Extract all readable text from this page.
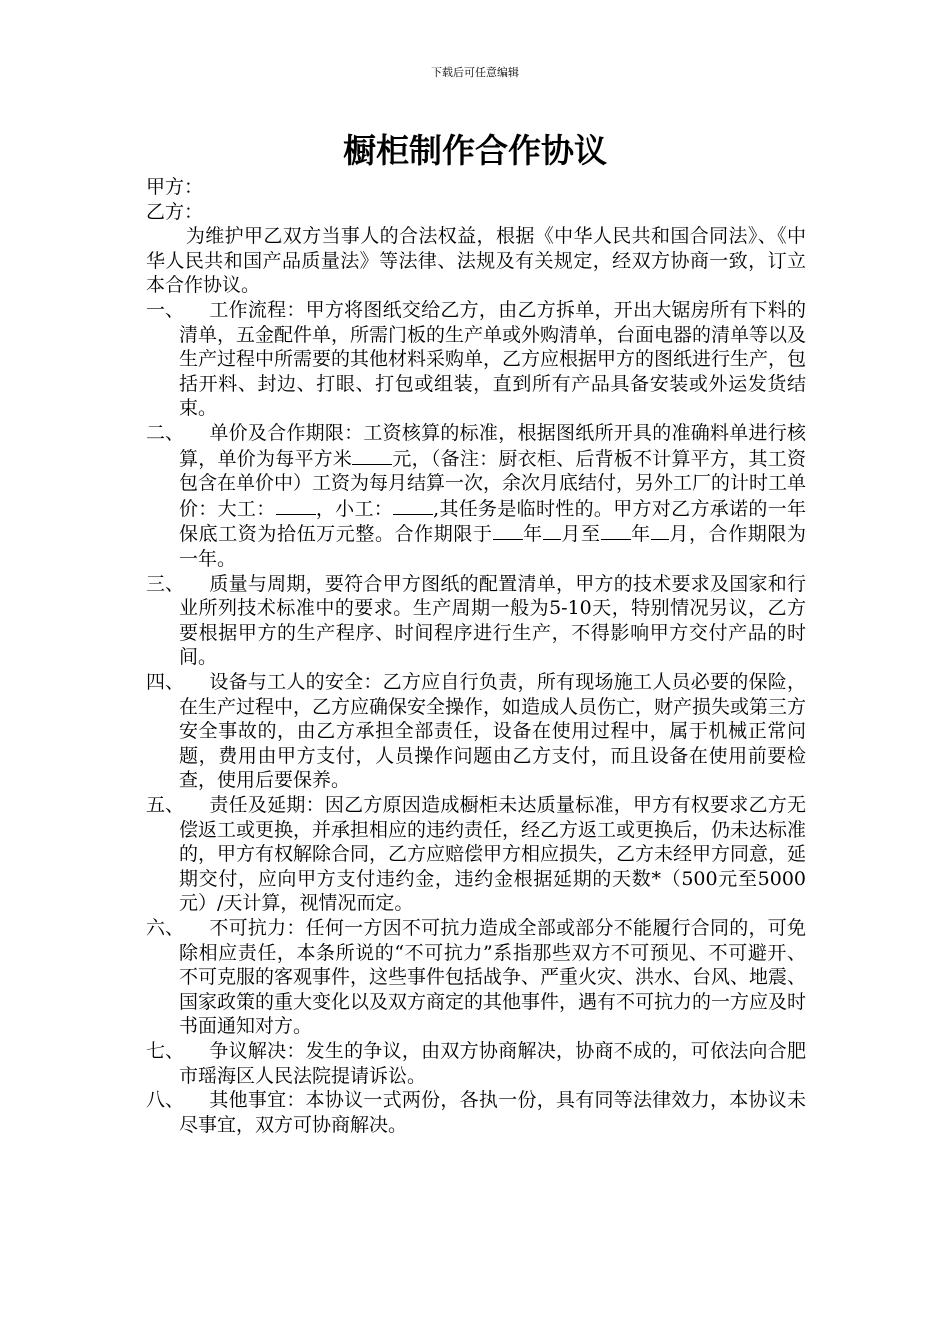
下载后可任意编辑
橱柜制作合作协议

甲方：

乙方：

为维护甲乙双方当事人的合法权益，根据《中华人民共和国合同法》、《中华人民共和国产品质量法》等法律、法规及有关规定，经双方协商一致，订立本合作协议。

一、	工作流程：甲方将图纸交给乙方，由乙方拆单，开出大锯房所有下料的清单，五金配件单，所需门板的生产单或外购清单，台面电器的清单等以及生产过程中所需要的其他材料采购单，乙方应根据甲方的图纸进行生产，包括开料、封边、打眼、打包或组装，直到所有产品具备安装或外运发货结束。
二、	单价及合作期限：工资核算的标准，根据图纸所开具的准确料单进行核算，单价为每平方米 元，（备注：厨衣柜、后背板不计算平方，其工资包含在单价中）工资为每月结算一次，余次月底结付，另外工厂的计时工单价：大工： ，小工： ,其任务是临时性的。甲方对乙方承诺的一年保底工资为拾伍万元整。合作期限于 年 月至 年 月，合作期限为一年。
三、	质量与周期，要符合甲方图纸的配置清单，甲方的技术要求及国家和行业所列技术标准中的要求。生产周期一般为5-10天，特别情况另议，乙方要根据甲方的生产程序、时间程序进行生产，不得影响甲方交付产品的时间。
四、	设备与工人的安全：乙方应自行负责，所有现场施工人员必要的保险，在生产过程中，乙方应确保安全操作，如造成人员伤亡，财产损失或第三方安全事故的，由乙方承担全部责任，设备在使用过程中，属于机械正常问题，费用由甲方支付，人员操作问题由乙方支付，而且设备在使用前要检查，使用后要保养。
五、	责任及延期：因乙方原因造成橱柜未达质量标准，甲方有权要求乙方无偿返工或更换，并承担相应的违约责任，经乙方返工或更换后，仍未达标准的，甲方有权解除合同，乙方应赔偿甲方相应损失，乙方未经甲方同意，延期交付，应向甲方支付违约金，违约金根据延期的天数*（500元至5000元）/天计算，视情况而定。
六、	不可抗力：任何一方因不可抗力造成全部或部分不能履行合同的，可免除相应责任，本条所说的“不可抗力”系指那些双方不可预见、不可避开、不可克服的客观事件，这些事件包括战争、严重火灾、洪水、台风、地震、国家政策的重大变化以及双方商定的其他事件，遇有不可抗力的一方应及时书面通知对方。
七、	争议解决：发生的争议，由双方协商解决，协商不成的，可依法向合肥市瑶海区人民法院提请诉讼。
八、	其他事宜：本协议一式两份，各执一份，具有同等法律效力，本协议未尽事宜，双方可协商解决。
